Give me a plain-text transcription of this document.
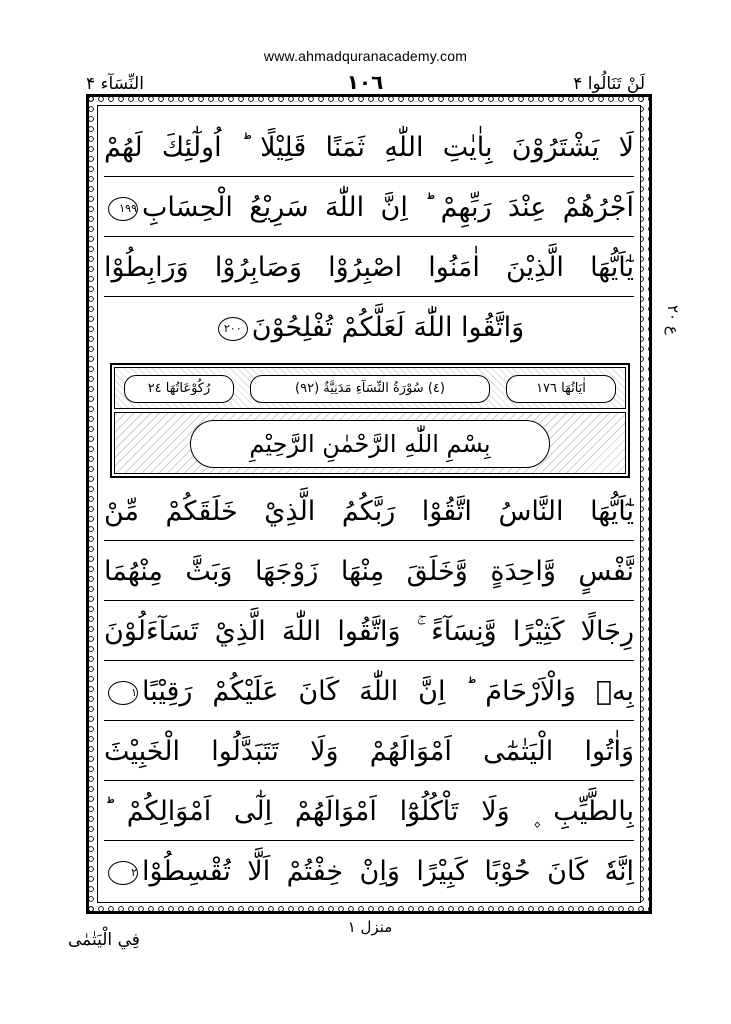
www.ahmadquranacademy.com
النِّسَآء ۴	١٠٦	لَنْ تَنَالُوا ۴
لَا يَشْتَرُوْنَ بِاٰيٰتِ اللّٰهِ ثَمَنًا قَلِيْلًا ؕ اُولٰٓئِكَ لَهُمْ
اَجْرُهُمْ عِنْدَ رَبِّهِمْ ؕ اِنَّ اللّٰهَ سَرِيْعُ الْحِسَابِ١٩٩
يٰٓاَيُّهَا الَّذِيْنَ اٰمَنُوا اصْبِرُوْا وَصَابِرُوْا وَرَابِطُوْا
وَاتَّقُوا اللّٰهَ لَعَلَّكُمْ تُفْلِحُوْنَ٢٠٠
ع ٢٠
رُكُوْعَاتُهَا ٢٤	(٤) سُوْرَةُ النِّسَآءِ مَدَنِيَّةٌ (٩٢)	اٰيَاتُهَا ١٧٦
بِسْمِ اللّٰهِ الرَّحْمٰنِ الرَّحِيْمِ
يٰٓاَيُّهَا النَّاسُ اتَّقُوْا رَبَّكُمُ الَّذِيْ خَلَقَكُمْ مِّنْ
نَّفْسٍ وَّاحِدَةٍ وَّخَلَقَ مِنْهَا زَوْجَهَا وَبَثَّ مِنْهُمَا
رِجَالًا كَثِيْرًا وَّنِسَآءً ۚ وَاتَّقُوا اللّٰهَ الَّذِيْ تَسَآءَلُوْنَ
بِهٖ وَالْاَرْحَامَ ؕ اِنَّ اللّٰهَ كَانَ عَلَيْكُمْ رَقِيْبًا١
وَاٰتُوا الْيَتٰمٰٓى اَمْوَالَهُمْ وَلَا تَتَبَدَّلُوا الْخَبِيْثَ
بِالطَّيِّبِ ۪ وَلَا تَاْكُلُوْٓا اَمْوَالَهُمْ اِلٰٓى اَمْوَالِكُمْ ؕ
اِنَّهٗ كَانَ حُوْبًا كَبِيْرًا وَاِنْ خِفْتُمْ اَلَّا تُقْسِطُوْا٢
منزل ۱
فِي الْيَتٰمٰى
